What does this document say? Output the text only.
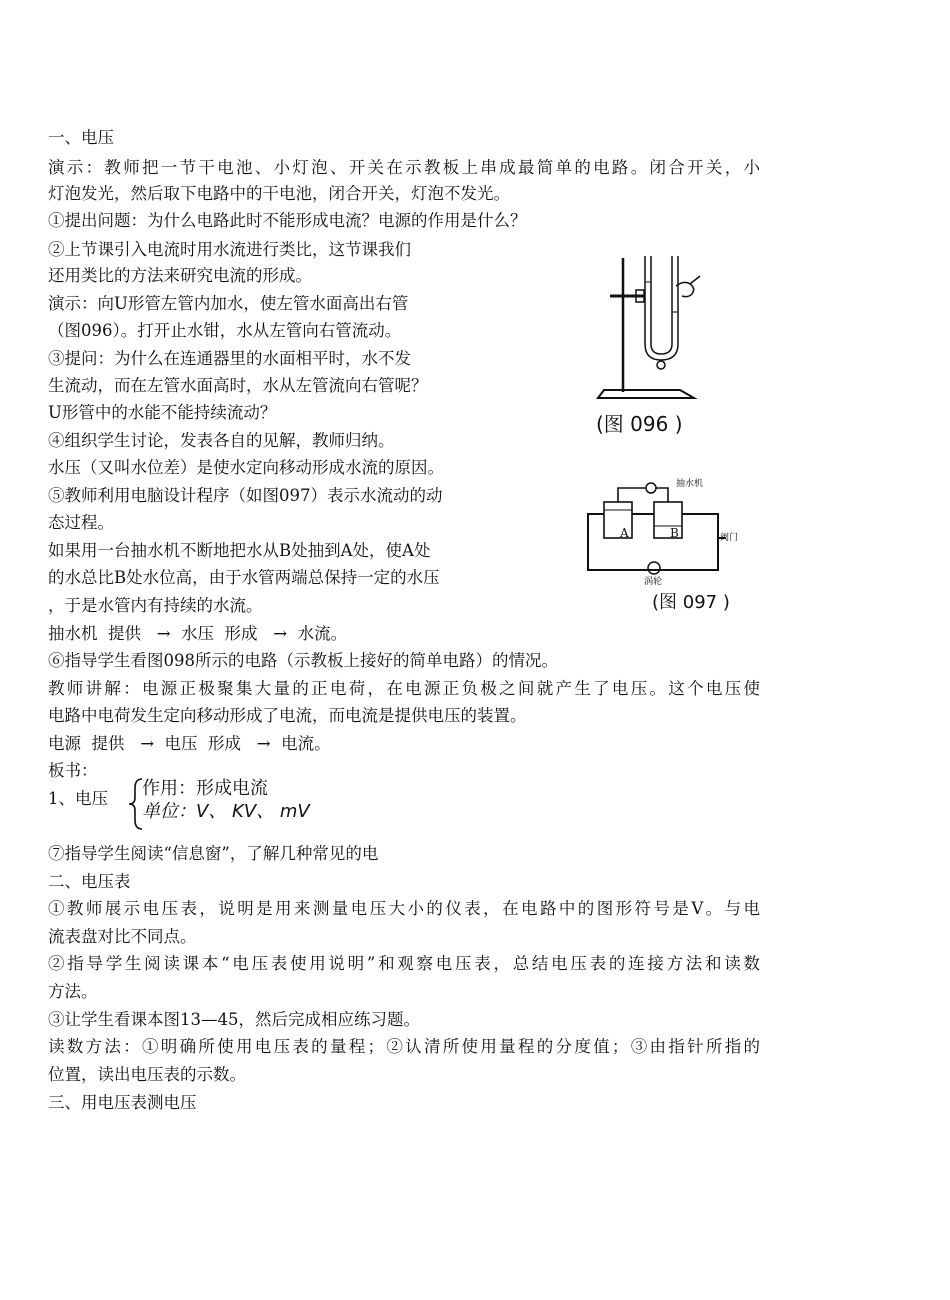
一、电压
演示：教师把一节干电池、小灯泡、开关在示教板上串成最简单的电路。闭合开关，小
灯泡发光，然后取下电路中的干电池，闭合开关，灯泡不发光。
①提出问题：为什么电路此时不能形成电流？电源的作用是什么？
②上节课引入电流时用水流进行类比，这节课我们
还用类比的方法来研究电流的形成。
演示：向U形管左管内加水，使左管水面高出右管
（图096）。打开止水钳，水从左管向右管流动。
③提问：为什么在连通器里的水面相平时，水不发
生流动，而在左管水面高时，水从左管流向右管呢？
U形管中的水能不能持续流动？
④组织学生讨论，发表各自的见解，教师归纳。
水压（又叫水位差）是使水定向移动形成水流的原因。
⑤教师利用电脑设计程序（如图097）表示水流动的动
态过程。
如果用一台抽水机不断地把水从B处抽到A处，使A处
的水总比B处水位高，由于水管两端总保持一定的水压
，于是水管内有持续的水流。
抽水机  提供   →  水压  形成   →  水流。
⑥指导学生看图098所示的电路（示教板上接好的简单电路）的情况。
教师讲解：电源正极聚集大量的正电荷，在电源正负极之间就产生了电压。这个电压使
电路中电荷发生定向移动形成了电流，而电流是提供电压的装置。
电源  提供   →  电压  形成   →  电流。
板书：
1、电压
⑦指导学生阅读“信息窗”，了解几种常见的电
二、电压表
①教师展示电压表，说明是用来测量电压大小的仪表，在电路中的图形符号是V。与电
流表盘对比不同点。
②指导学生阅读课本“电压表使用说明”和观察电压表，总结电压表的连接方法和读数
方法。
③让学生看课本图13—45，然后完成相应练习题。
读数方法：①明确所使用电压表的量程；②认清所使用量程的分度值；③由指针所指的
位置，读出电压表的示数。
三、用电压表测电压
作用：形成电流
单位：V、 KV、 mV
(图 096 )
抽水机
A	B	阀门
涡轮
(图 097 )
